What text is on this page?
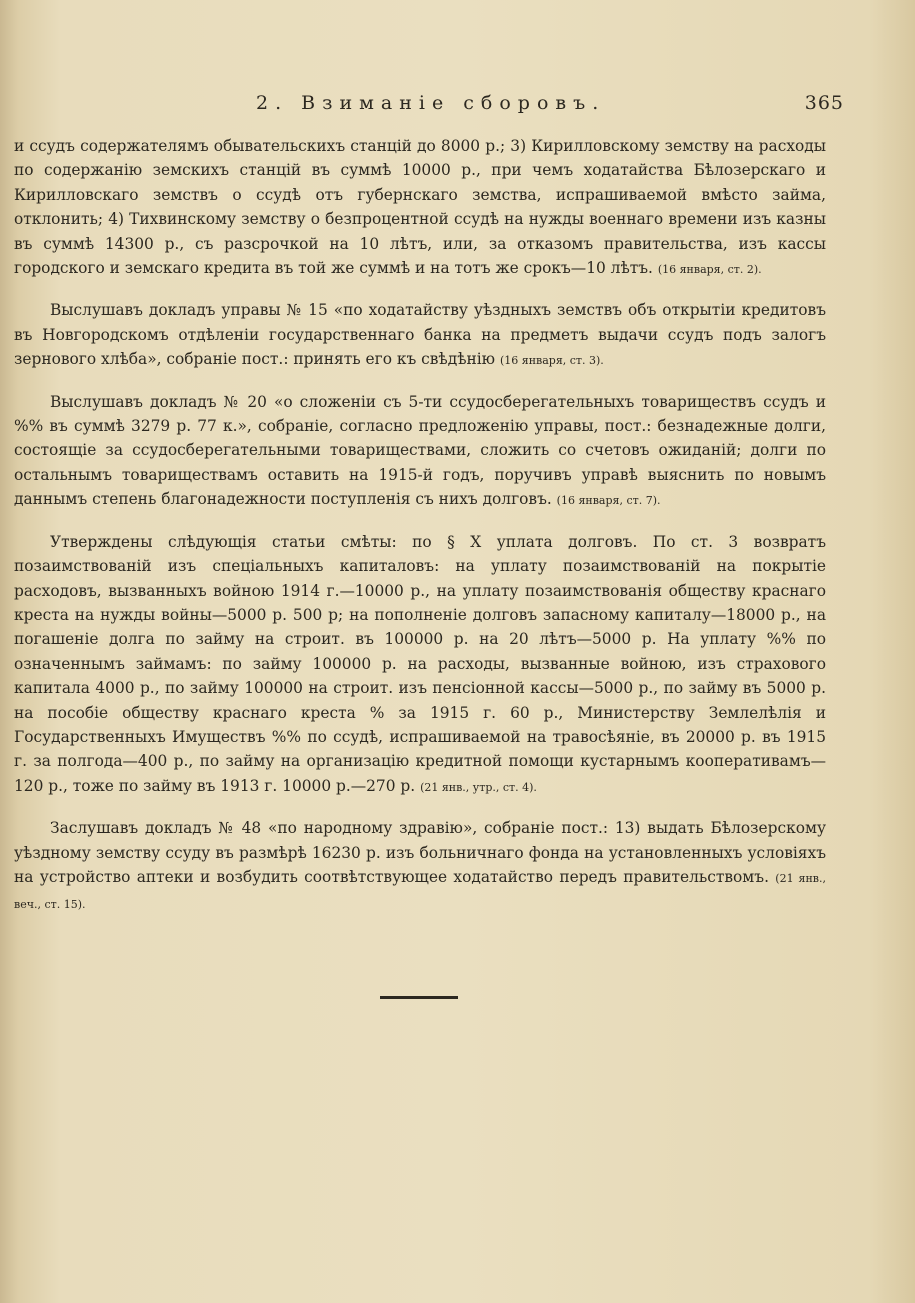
2. Взиманіе сборовъ.	365

и ссудъ содержателямъ обывательскихъ станцій до 8000 р.; 3) Кирилловскому земству на расходы по содержанію земскихъ станцій въ суммѣ 10000 р., при чемъ ходатайства Бѣлозерскаго и Кирилловскаго земствъ о ссудѣ отъ губернскаго земства, испрашиваемой вмѣсто займа, отклонить; 4) Тихвинскому земству о безпроцентной ссудѣ на нужды военнаго времени изъ казны въ суммѣ 14300 р., съ разсрочкой на 10 лѣтъ, или, за отказомъ правительства, изъ кассы городского и земскаго кредита въ той же суммѣ и на тотъ же срокъ—10 лѣтъ. (16 января, ст. 2).

Выслушавъ докладъ управы № 15 «по ходатайству уѣздныхъ земствъ объ открытіи кредитовъ въ Новгородскомъ отдѣленіи государственнаго банка на предметъ выдачи ссудъ подъ залогъ зернового хлѣба», собраніе пост.: принять его къ свѣдѣнію (16 января, ст. 3).

Выслушавъ докладъ № 20 «о сложеніи съ 5-ти ссудосберегательныхъ товариществъ ссудъ и %% въ суммѣ 3279 р. 77 к.», собраніе, согласно предложенію управы, пост.: безнадежные долги, состоящіе за ссудосберегательными товариществами, сложить со счетовъ ожиданій; долги по остальнымъ товариществамъ оставить на 1915-й годъ, поручивъ управѣ выяснить по новымъ даннымъ степень благонадежности поступленія съ нихъ долговъ. (16 января, ст. 7).

Утверждены слѣдующія статьи смѣты: по § X уплата долговъ. По ст. 3 возвратъ позаимствованій изъ спеціальныхъ капиталовъ: на уплату позаимствованій на покрытіе расходовъ, вызванныхъ войною 1914 г.—10000 р., на уплату позаимствованія обществу краснаго креста на нужды войны—5000 р. 500 р; на пополненіе долговъ запасному капиталу—18000 р., на погашеніе долга по займу на строит. въ 100000 р. на 20 лѣтъ—5000 р. На уплату %% по означеннымъ займамъ: по займу 100000 р. на расходы, вызванные войною, изъ страхового капитала 4000 р., по займу 100000 на строит. изъ пенсіонной кассы—5000 р., по займу въ 5000 р. на пособіе обществу краснаго креста % за 1915 г. 60 р., Министерству Землелѣлія и Государственныхъ Имуществъ %% по ссудѣ, испрашиваемой на травосѣяніе, въ 20000 р. въ 1915 г. за полгода—400 р., по займу на организацію кредитной помощи кустарнымъ кооперативамъ—120 р., тоже по займу въ 1913 г. 10000 р.—270 р. (21 янв., утр., ст. 4).

Заслушавъ докладъ № 48 «по народному здравію», собраніе пост.: 13) выдать Бѣлозерскому уѣздному земству ссуду въ размѣрѣ 16230 р. изъ больничнаго фонда на установленныхъ условіяхъ на устройство аптеки и возбудить соотвѣтствующее ходатайство передъ правительствомъ. (21 янв., веч., ст. 15).
